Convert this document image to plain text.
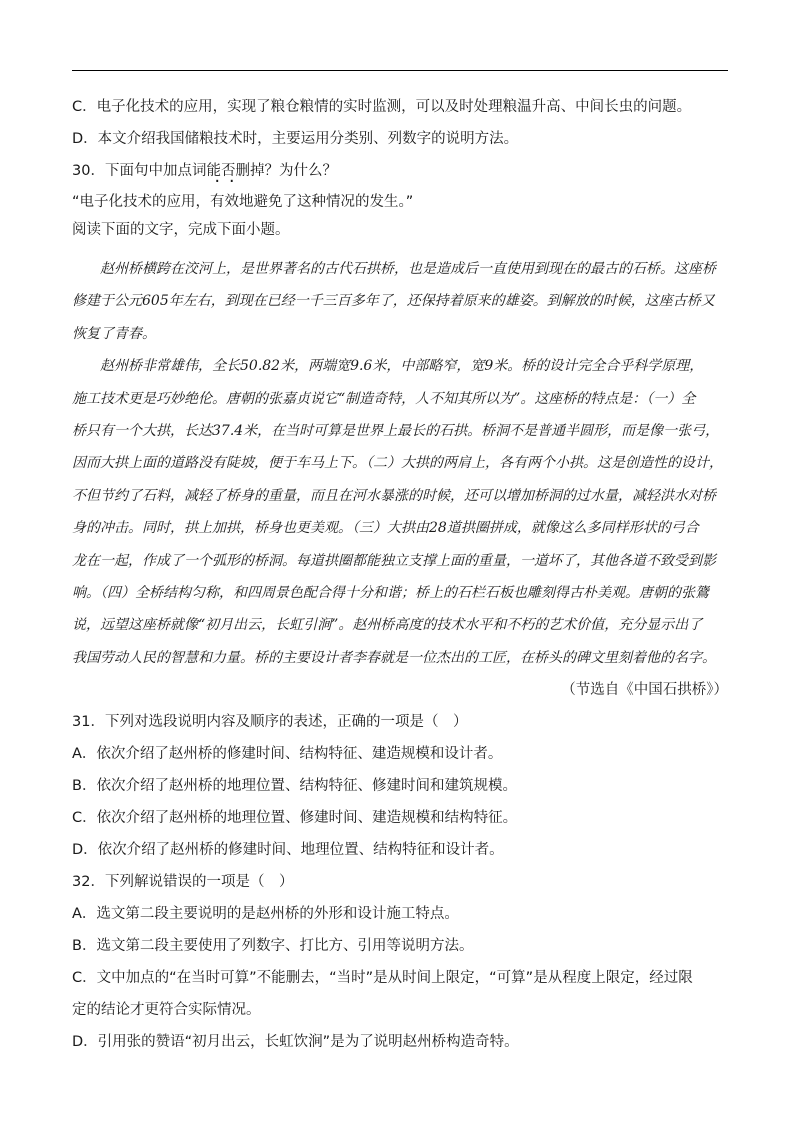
C．电子化技术的应用，实现了粮仓粮情的实时监测，可以及时处理粮温升高、中间长虫的问题。
D．本文介绍我国储粮技术时，主要运用分类别、列数字的说明方法。
30．下面句中加点词能否删掉？为什么？
“电子化技术的应用，有效地避免了这种情况的发生。”
阅读下面的文字，完成下面小题。
赵州桥横跨在洨河上，是世界著名的古代石拱桥，也是造成后一直使用到现在的最古的石桥。这座桥
修建于公元605年左右，到现在已经一千三百多年了，还保持着原来的雄姿。到解放的时候，这座古桥又
恢复了青春。
赵州桥非常雄伟，全长50.82米，两端宽9.6米，中部略窄，宽9米。桥的设计完全合乎科学原理，
施工技术更是巧妙绝伦。唐朝的张嘉贞说它“制造奇特，人不知其所以为”。这座桥的特点是：（一）全
桥只有一个大拱，长达37.4米，在当时可算是世界上最长的石拱。桥洞不是普通半圆形，而是像一张弓，
因而大拱上面的道路没有陡坡，便于车马上下。（二）大拱的两肩上，各有两个小拱。这是创造性的设计，
不但节约了石料，减轻了桥身的重量，而且在河水暴涨的时候，还可以增加桥洞的过水量，减轻洪水对桥
身的冲击。同时，拱上加拱，桥身也更美观。（三）大拱由28道拱圈拼成，就像这么多同样形状的弓合
龙在一起，作成了一个弧形的桥洞。每道拱圈都能独立支撑上面的重量，一道坏了，其他各道不致受到影
响。（四）全桥结构匀称，和四周景色配合得十分和谐；桥上的石栏石板也雕刻得古朴美观。唐朝的张鷟
说，远望这座桥就像“初月出云，长虹引涧”。赵州桥高度的技术水平和不朽的艺术价值，充分显示出了
我国劳动人民的智慧和力量。桥的主要设计者李春就是一位杰出的工匠，在桥头的碑文里刻着他的名字。
（节选自《中国石拱桥》）
31．下列对选段说明内容及顺序的表述，正确的一项是（　）
A．依次介绍了赵州桥的修建时间、结构特征、建造规模和设计者。
B．依次介绍了赵州桥的地理位置、结构特征、修建时间和建筑规模。
C．依次介绍了赵州桥的地理位置、修建时间、建造规模和结构特征。
D．依次介绍了赵州桥的修建时间、地理位置、结构特征和设计者。
32．下列解说错误的一项是（　）
A．选文第二段主要说明的是赵州桥的外形和设计施工特点。
B．选文第二段主要使用了列数字、打比方、引用等说明方法。
C．文中加点的“在当时可算”不能删去，“当时”是从时间上限定，“可算”是从程度上限定，经过限
定的结论才更符合实际情况。
D．引用张的赞语“初月出云，长虹饮涧”是为了说明赵州桥构造奇特。
